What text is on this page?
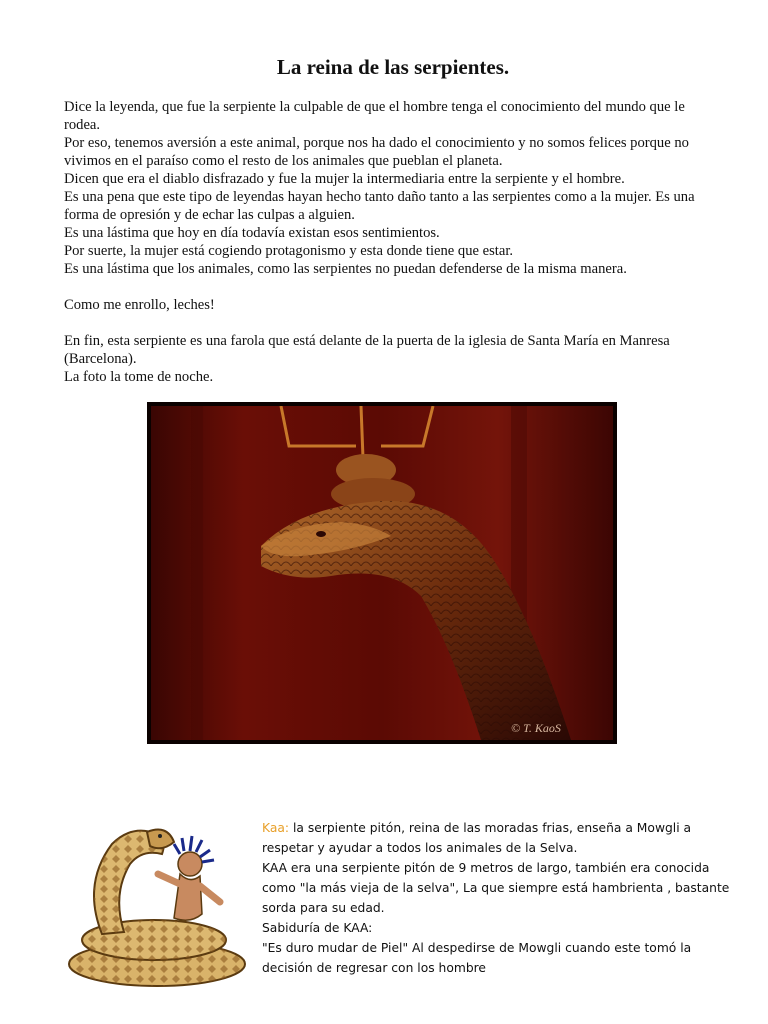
La reina de las serpientes.

Dice la leyenda, que fue la serpiente la culpable de que el hombre tenga el conocimiento del mundo que le rodea.

Por eso, tenemos aversión a este animal, porque nos ha dado el conocimiento y no somos felices porque no vivimos en el paraíso como el resto de los animales que pueblan el planeta.

Dicen que era el diablo disfrazado y fue la mujer la intermediaria entre la serpiente y el hombre.

Es una pena que este tipo de leyendas hayan hecho tanto daño tanto a las serpientes como a la mujer. Es una forma de opresión y de echar las culpas a alguien.

Es una lástima que hoy en día todavía existan esos sentimientos.

Por suerte, la mujer está cogiendo protagonismo y esta donde tiene que estar.

Es una lástima que los animales, como las serpientes no puedan defenderse de la misma manera.

Como me enrollo, leches!

En fin, esta serpiente es una farola que está delante de la puerta de la iglesia de Santa María en Manresa (Barcelona).

La foto la tome de noche.

© T. KaoS

Kaa: la serpiente pitón, reina de las moradas frias, enseña a Mowgli a respetar y ayudar a todos los animales de la Selva.

KAA era una serpiente pitón de 9 metros de largo, también era conocida como "la más vieja de la selva", La que siempre está hambrienta , bastante sorda para su edad.

Sabiduría de KAA:

"Es duro mudar de Piel" Al despedirse de Mowgli cuando este tomó la decisión de regresar con los hombre
